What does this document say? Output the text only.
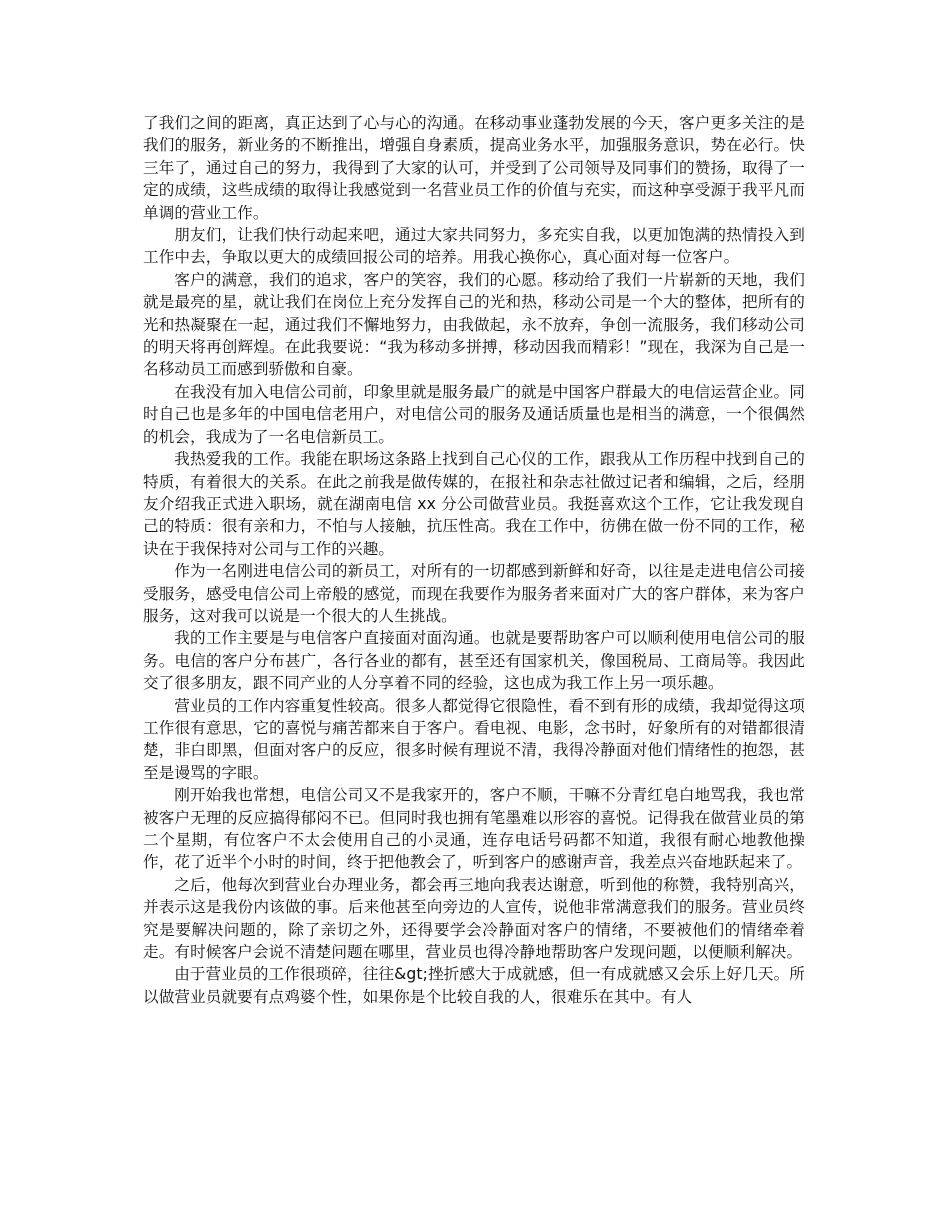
了我们之间的距离，真正达到了心与心的沟通。在移动事业蓬勃发展的今天，客户更多关注的是我们的服务，新业务的不断推出，增强自身素质，提高业务水平，加强服务意识，势在必行。快三年了，通过自己的努力，我得到了大家的认可，并受到了公司领导及同事们的赞扬，取得了一定的成绩，这些成绩的取得让我感觉到一名营业员工作的价值与充实，而这种享受源于我平凡而单调的营业工作。

朋友们，让我们快行动起来吧，通过大家共同努力，多充实自我，以更加饱满的热情投入到工作中去，争取以更大的成绩回报公司的培养。用我心换你心，真心面对每一位客户。

客户的满意，我们的追求，客户的笑容，我们的心愿。移动给了我们一片崭新的天地，我们就是最亮的星，就让我们在岗位上充分发挥自己的光和热，移动公司是一个大的整体，把所有的光和热凝聚在一起，通过我们不懈地努力，由我做起，永不放弃，争创一流服务，我们移动公司的明天将再创辉煌。在此我要说：“我为移动多拼搏，移动因我而精彩！”现在，我深为自己是一名移动员工而感到骄傲和自豪。

在我没有加入电信公司前，印象里就是服务最广的就是中国客户群最大的电信运营企业。同时自己也是多年的中国电信老用户，对电信公司的服务及通话质量也是相当的满意，一个很偶然的机会，我成为了一名电信新员工。

我热爱我的工作。我能在职场这条路上找到自己心仪的工作，跟我从工作历程中找到自己的特质，有着很大的关系。在此之前我是做传媒的，在报社和杂志社做过记者和编辑，之后，经朋友介绍我正式进入职场，就在湖南电信 xx 分公司做营业员。我挺喜欢这个工作，它让我发现自己的特质：很有亲和力，不怕与人接触，抗压性高。我在工作中，彷佛在做一份不同的工作，秘诀在于我保持对公司与工作的兴趣。

作为一名刚进电信公司的新员工，对所有的一切都感到新鲜和好奇，以往是走进电信公司接受服务，感受电信公司上帝般的感觉，而现在我要作为服务者来面对广大的客户群体，来为客户服务，这对我可以说是一个很大的人生挑战。

我的工作主要是与电信客户直接面对面沟通。也就是要帮助客户可以顺利使用电信公司的服务。电信的客户分布甚广，各行各业的都有，甚至还有国家机关，像国税局、工商局等。我因此交了很多朋友，跟不同产业的人分享着不同的经验，这也成为我工作上另一项乐趣。

营业员的工作内容重复性较高。很多人都觉得它很隐性，看不到有形的成绩，我却觉得这项工作很有意思，它的喜悦与痛苦都来自于客户。看电视、电影，念书时，好象所有的对错都很清楚，非白即黑，但面对客户的反应，很多时候有理说不清，我得冷静面对他们情绪性的抱怨，甚至是谩骂的字眼。

刚开始我也常想，电信公司又不是我家开的，客户不顺，干嘛不分青红皂白地骂我，我也常被客户无理的反应搞得郁闷不已。但同时我也拥有笔墨难以形容的喜悦。记得我在做营业员的第二个星期，有位客户不太会使用自己的小灵通，连存电话号码都不知道，我很有耐心地教他操作，花了近半个小时的时间，终于把他教会了，听到客户的感谢声音，我差点兴奋地跃起来了。

之后，他每次到营业台办理业务，都会再三地向我表达谢意，听到他的称赞，我特别高兴，并表示这是我份内该做的事。后来他甚至向旁边的人宣传，说他非常满意我们的服务。营业员终究是要解决问题的，除了亲切之外，还得要学会冷静面对客户的情绪，不要被他们的情绪牵着走。有时候客户会说不清楚问题在哪里，营业员也得冷静地帮助客户发现问题，以便顺利解决。

由于营业员的工作很琐碎，往往&gt;挫折感大于成就感，但一有成就感又会乐上好几天。所以做营业员就要有点鸡婆个性，如果你是个比较自我的人，很难乐在其中。有人
